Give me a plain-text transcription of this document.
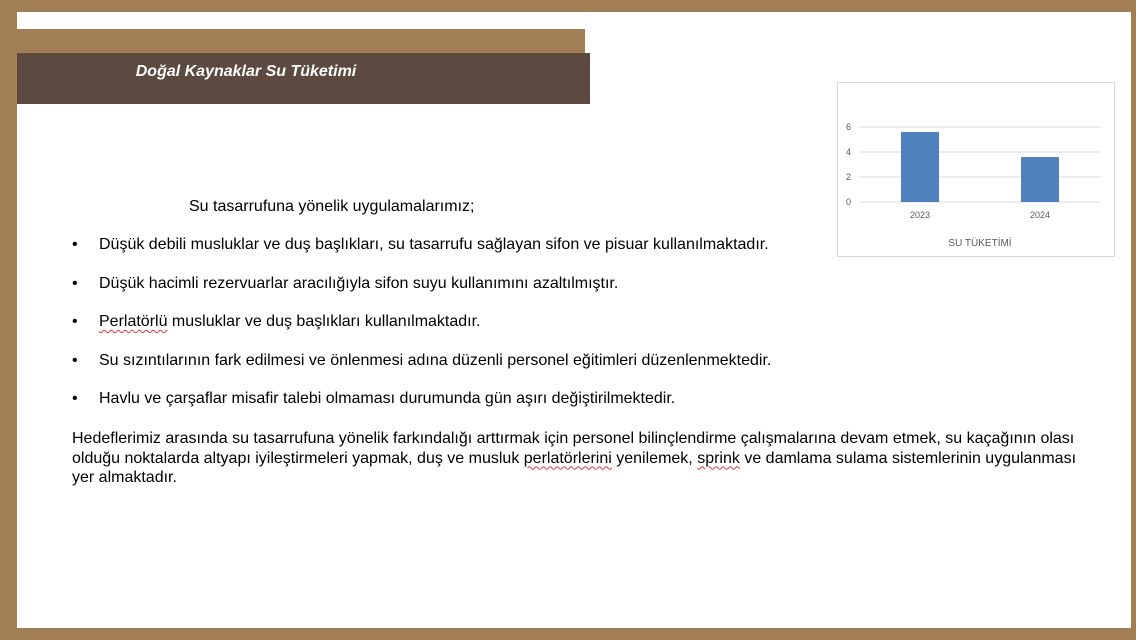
Doğal Kaynaklar Su Tüketimi
Su tasarrufuna yönelik uygulamalarımız;
• Düşük debili musluklar ve duş başlıkları, su tasarrufu sağlayan sifon ve pisuar kullanılmaktadır.
• Düşük hacimli rezervuarlar aracılığıyla sifon suyu kullanımını azaltılmıştır.
• Perlatörlü musluklar ve duş başlıkları kullanılmaktadır.
• Su sızıntılarının fark edilmesi ve önlenmesi adına düzenli personel eğitimleri düzenlenmektedir.
• Havlu ve çarşaflar misafir talebi olmaması durumunda gün aşırı değiştirilmektedir.
Hedeflerimiz arasında su tasarrufuna yönelik farkındalığı arttırmak için personel bilinçlendirme çalışmalarına devam etmek, su kaçağının olası olduğu noktalarda altyapı iyileştirmeleri yapmak, duş ve musluk perlatörlerini yenilemek, sprink ve damlama sulama sistemlerinin uygulanması yer almaktadır.
0
2
4
6
2023	2024
SU TÜKETİMİ
